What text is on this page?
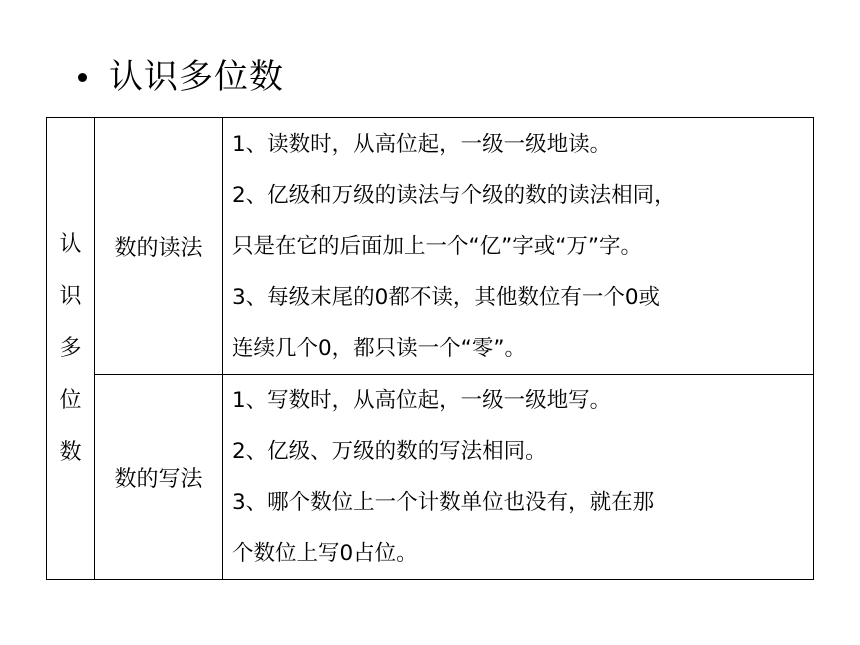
认识多位数
认
识
多
位
数	数的读法	1、读数时，从高位起，一级一级地读。
2、亿级和万级的读法与个级的数的读法相同，
只是在它的后面加上一个“亿”字或“万”字。
3、每级末尾的0都不读，其他数位有一个0或
连续几个0，都只读一个“零”。

	数的写法	1、写数时，从高位起，一级一级地写。
2、亿级、万级的数的写法相同。
3、哪个数位上一个计数单位也没有，就在那
个数位上写0占位。
